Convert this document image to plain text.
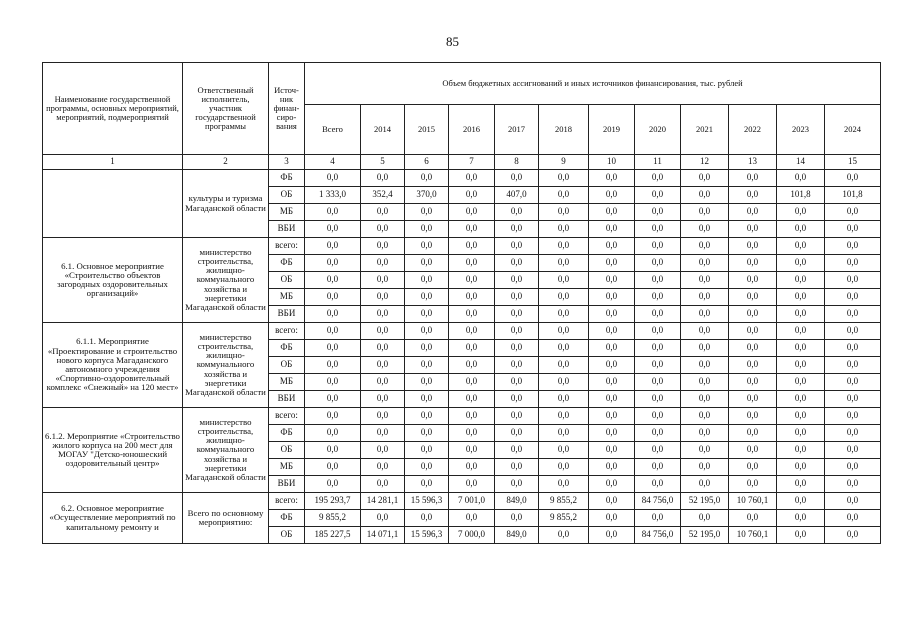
85
Наименование государственной программы, основных мероприятий, мероприятий, подмероприятий	Ответственный исполнитель, участник государственной программы	Источ-ник финан-сиро-вания	Объем бюджетных ассигнований и иных источников финансирования, тыс. рублей											
			Всего	2014	2015	2016	2017	2018	2019	2020	2021	2022	2023	2024
1	2	3	4	5	6	7	8	9	10	11	12	13	14	15
	культуры и туризма Магаданской области	ФБ	0,0	0,0	0,0	0,0	0,0	0,0	0,0	0,0	0,0	0,0	0,0	0,0
		ОБ	1 333,0	352,4	370,0	0,0	407,0	0,0	0,0	0,0	0,0	0,0	101,8	101,8
		МБ	0,0	0,0	0,0	0,0	0,0	0,0	0,0	0,0	0,0	0,0	0,0	0,0
		ВБИ	0,0	0,0	0,0	0,0	0,0	0,0	0,0	0,0	0,0	0,0	0,0	0,0
6.1. Основное мероприятие «Строительство объектов загородных оздоровительных организаций»	министерство строительства, жилищно-коммунального хозяйства и энергетики Магаданской области	всего:	0,0	0,0	0,0	0,0	0,0	0,0	0,0	0,0	0,0	0,0	0,0	0,0
		ФБ	0,0	0,0	0,0	0,0	0,0	0,0	0,0	0,0	0,0	0,0	0,0	0,0
		ОБ	0,0	0,0	0,0	0,0	0,0	0,0	0,0	0,0	0,0	0,0	0,0	0,0
		МБ	0,0	0,0	0,0	0,0	0,0	0,0	0,0	0,0	0,0	0,0	0,0	0,0
		ВБИ	0,0	0,0	0,0	0,0	0,0	0,0	0,0	0,0	0,0	0,0	0,0	0,0
6.1.1. Мероприятие «Проектирование и строительство нового корпуса Магаданского автономного учреждения «Спортивно-оздоровительный комплекс «Снежный» на 120 мест»	министерство строительства, жилищно-коммунального хозяйства и энергетики Магаданской области	всего:	0,0	0,0	0,0	0,0	0,0	0,0	0,0	0,0	0,0	0,0	0,0	0,0
		ФБ	0,0	0,0	0,0	0,0	0,0	0,0	0,0	0,0	0,0	0,0	0,0	0,0
		ОБ	0,0	0,0	0,0	0,0	0,0	0,0	0,0	0,0	0,0	0,0	0,0	0,0
		МБ	0,0	0,0	0,0	0,0	0,0	0,0	0,0	0,0	0,0	0,0	0,0	0,0
		ВБИ	0,0	0,0	0,0	0,0	0,0	0,0	0,0	0,0	0,0	0,0	0,0	0,0
6.1.2. Мероприятие «Строительство жилого корпуса на 200 мест для МОГАУ "Детско-юношеский оздоровительный центр»	министерство строительства, жилищно-коммунального хозяйства и энергетики Магаданской области	всего:	0,0	0,0	0,0	0,0	0,0	0,0	0,0	0,0	0,0	0,0	0,0	0,0
		ФБ	0,0	0,0	0,0	0,0	0,0	0,0	0,0	0,0	0,0	0,0	0,0	0,0
		ОБ	0,0	0,0	0,0	0,0	0,0	0,0	0,0	0,0	0,0	0,0	0,0	0,0
		МБ	0,0	0,0	0,0	0,0	0,0	0,0	0,0	0,0	0,0	0,0	0,0	0,0
		ВБИ	0,0	0,0	0,0	0,0	0,0	0,0	0,0	0,0	0,0	0,0	0,0	0,0
6.2. Основное мероприятие «Осуществление мероприятий по капитальному ремонту и	Всего по основному мероприятию:	всего:	195 293,7	14 281,1	15 596,3	7 001,0	849,0	9 855,2	0,0	84 756,0	52 195,0	10 760,1	0,0	0,0
		ФБ	9 855,2	0,0	0,0	0,0	0,0	9 855,2	0,0	0,0	0,0	0,0	0,0	0,0
		ОБ	185 227,5	14 071,1	15 596,3	7 000,0	849,0	0,0	0,0	84 756,0	52 195,0	10 760,1	0,0	0,0
